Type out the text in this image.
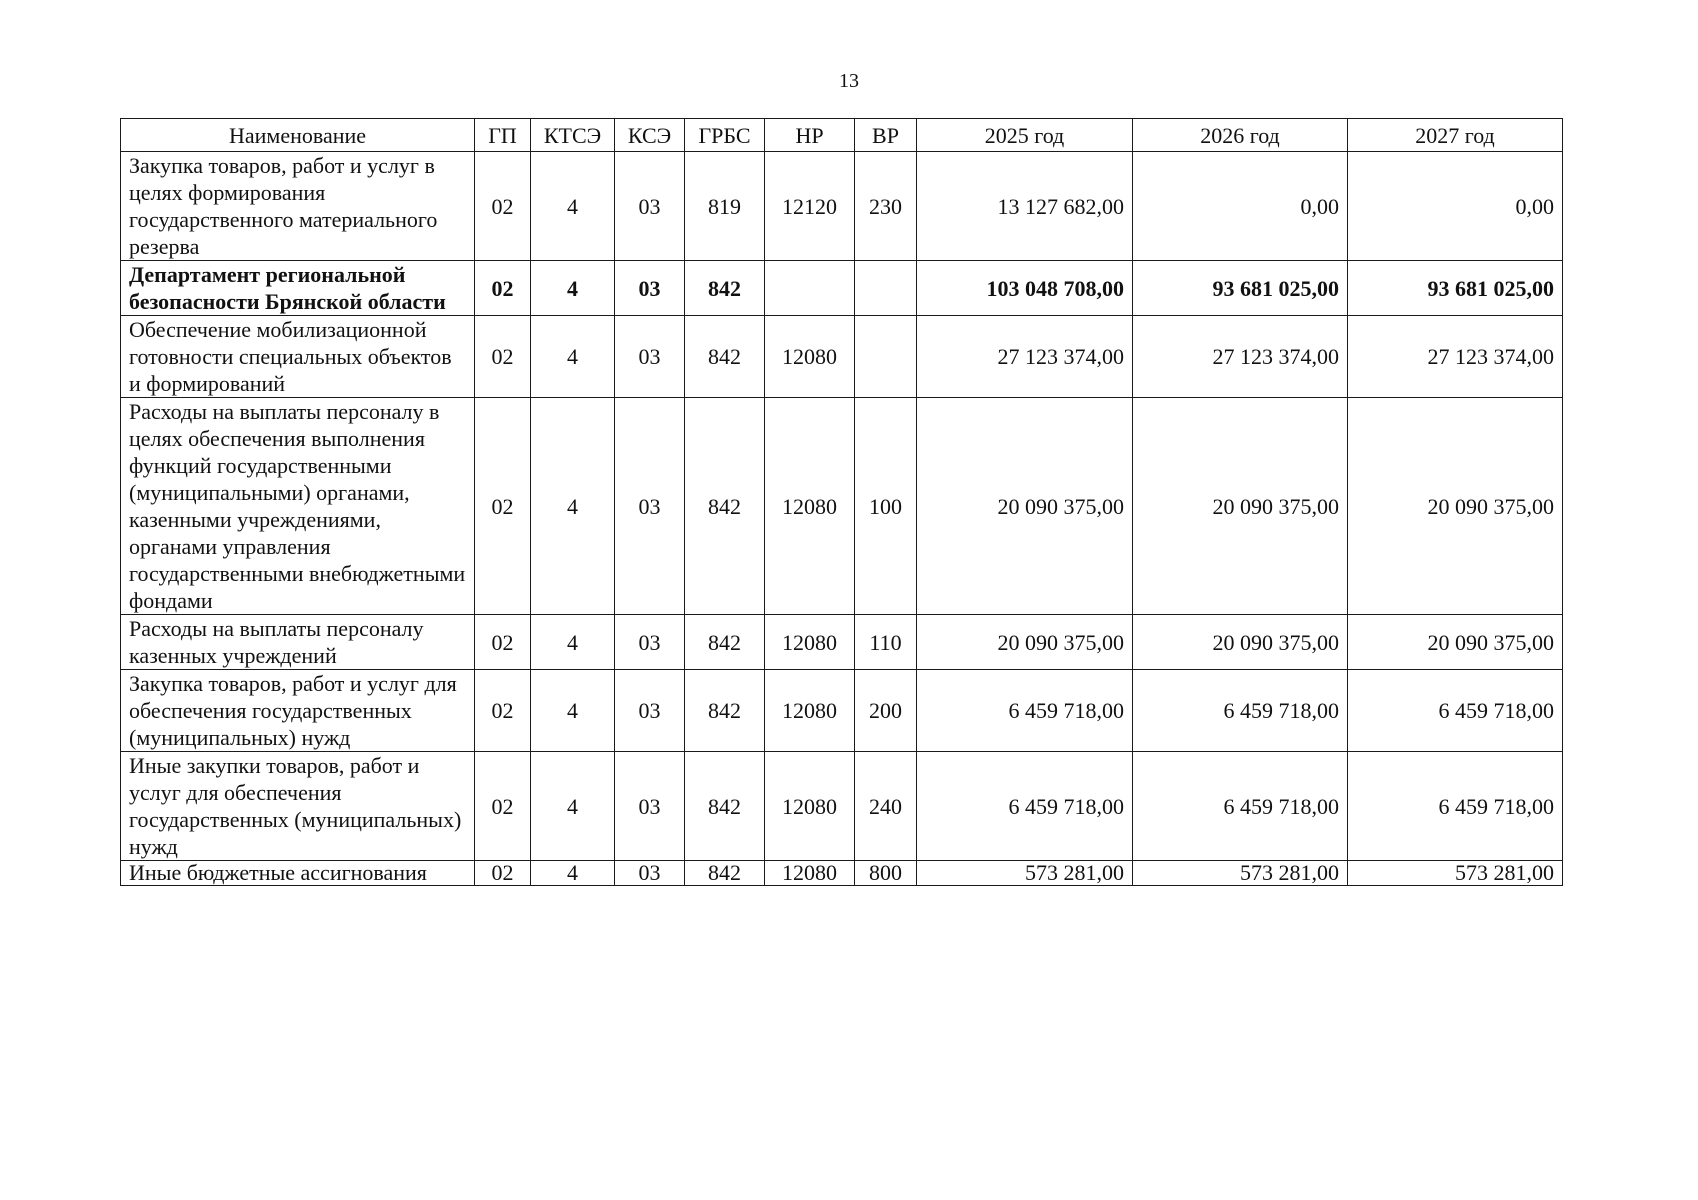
13
Наименование	ГП	КТСЭ	КСЭ	ГРБС	НР	ВР	2025 год	2026 год	2027 год
Закупка товаров, работ и услуг в целях формирования государственного материального резерва	02	4	03	819	12120	230	13 127 682,00	0,00	0,00
Департамент региональной безопасности Брянской области	02	4	03	842			103 048 708,00	93 681 025,00	93 681 025,00
Обеспечение мобилизационной готовности специальных объектов и формирований	02	4	03	842	12080		27 123 374,00	27 123 374,00	27 123 374,00
Расходы на выплаты персоналу в целях обеспечения выполнения функций государственными (муниципальными) органами, казенными учреждениями, органами управления государственными внебюджетными фондами	02	4	03	842	12080	100	20 090 375,00	20 090 375,00	20 090 375,00
Расходы на выплаты персоналу казенных учреждений	02	4	03	842	12080	110	20 090 375,00	20 090 375,00	20 090 375,00
Закупка товаров, работ и услуг для обеспечения государственных (муниципальных) нужд	02	4	03	842	12080	200	6 459 718,00	6 459 718,00	6 459 718,00
Иные закупки товаров, работ и услуг для обеспечения государственных (муниципальных) нужд	02	4	03	842	12080	240	6 459 718,00	6 459 718,00	6 459 718,00
Иные бюджетные ассигнования	02	4	03	842	12080	800	573 281,00	573 281,00	573 281,00
